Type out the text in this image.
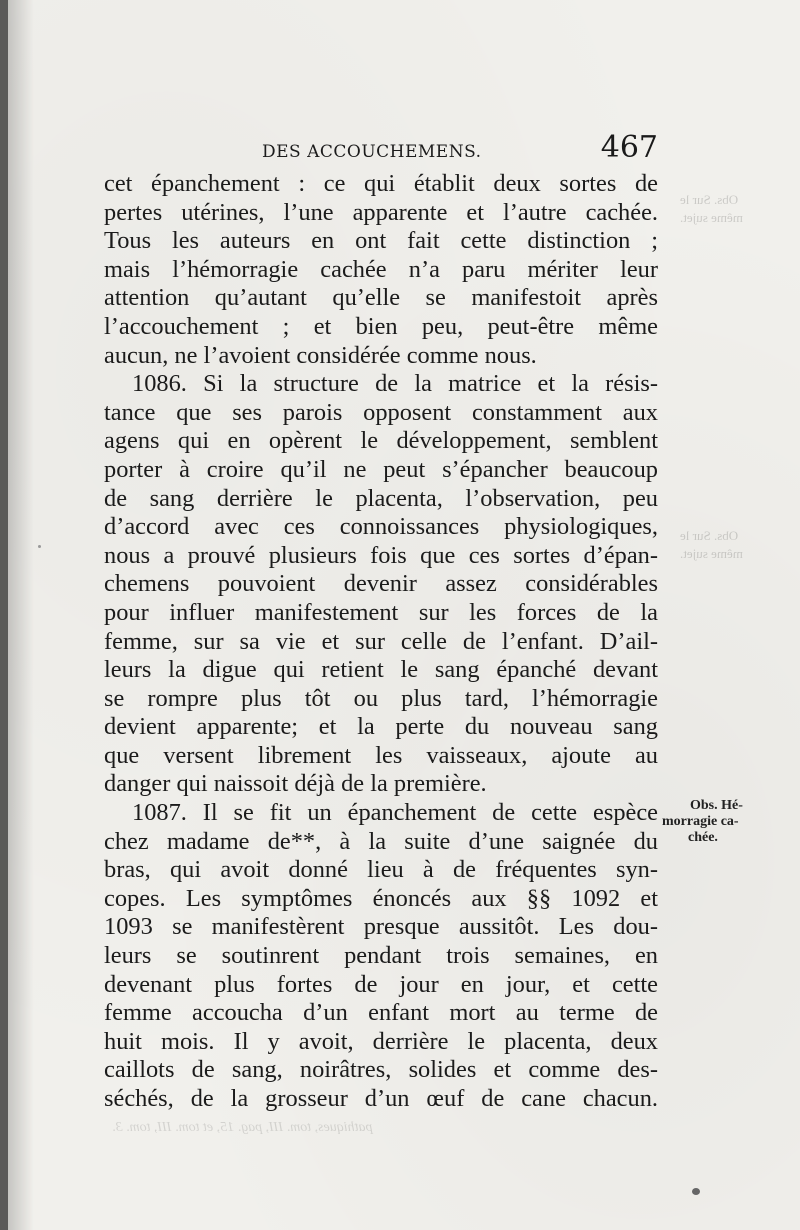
Obs. Sur le
même sujet.
Obs. Sur le
même sujet.
pathiques, tom. III, pag. 15, et tom. III, tom. 3.
DES ACCOUCHEMENS.	467
cet épanchement : ce qui établit deux sortes de
pertes utérines, l’une apparente et l’autre cachée.
Tous les auteurs en ont fait cette distinction ;
mais l’hémorragie cachée n’a paru mériter leur
attention qu’autant qu’elle se manifestoit après
l’accouchement ; et bien peu, peut-être même
aucun, ne l’avoient considérée comme nous.
1086. Si la structure de la matrice et la résis-
tance que ses parois opposent constamment aux
agens qui en opèrent le développement, semblent
porter à croire qu’il ne peut s’épancher beaucoup
de sang derrière le placenta, l’observation, peu
d’accord avec ces connoissances physiologiques,
nous a prouvé plusieurs fois que ces sortes d’épan-
chemens pouvoient devenir assez considérables
pour influer manifestement sur les forces de la
femme, sur sa vie et sur celle de l’enfant. D’ail-
leurs la digue qui retient le sang épanché devant
se rompre plus tôt ou plus tard, l’hémorragie
devient apparente; et la perte du nouveau sang
que versent librement les vaisseaux, ajoute au
danger qui naissoit déjà de la première.
1087. Il se fit un épanchement de cette espèce
chez madame de**, à la suite d’une saignée du
bras, qui avoit donné lieu à de fréquentes syn-
copes. Les symptômes énoncés aux §§ 1092 et
1093 se manifestèrent presque aussitôt. Les dou-
leurs se soutinrent pendant trois semaines, en
devenant plus fortes de jour en jour, et cette
femme accoucha d’un enfant mort au terme de
huit mois. Il y avoit, derrière le placenta, deux
caillots de sang, noirâtres, solides et comme des-
séchés, de la grosseur d’un œuf de cane chacun.
Obs. Hé-
morragie ca-
chée.
